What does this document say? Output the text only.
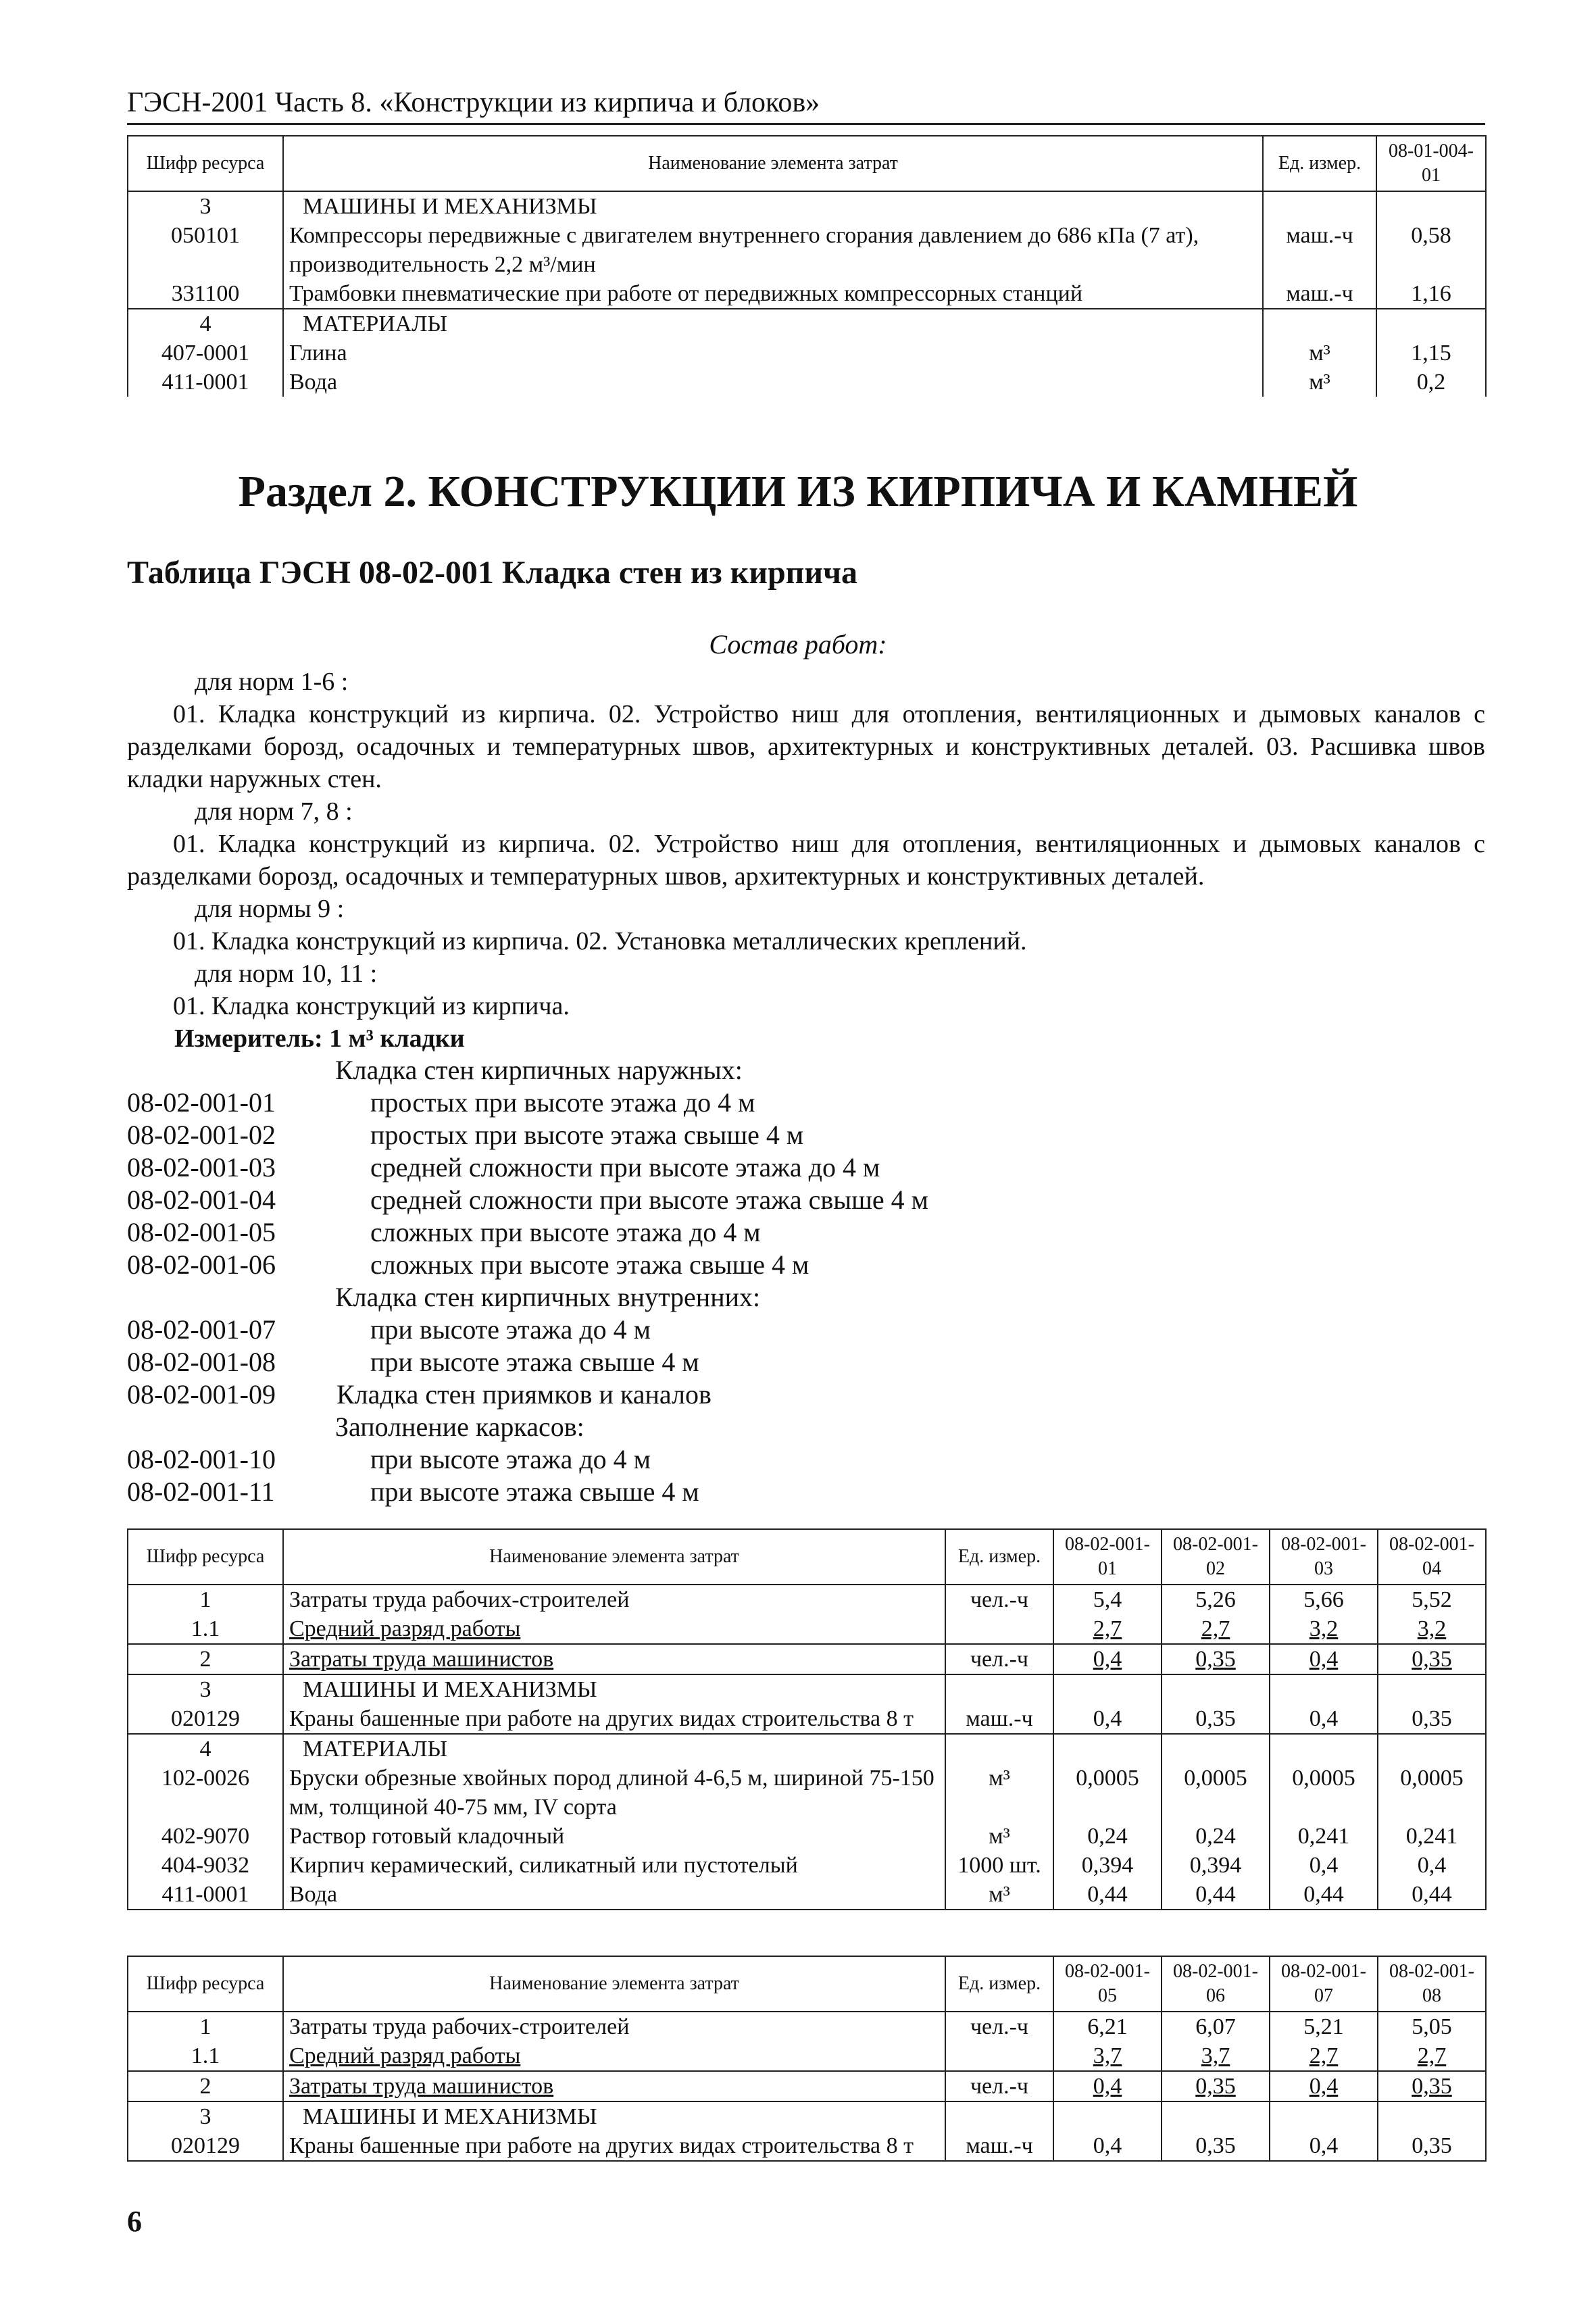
ГЭСН-2001 Часть 8. «Конструкции из кирпича и блоков»
Шифр ресурса	Наименование элемента затрат	Ед. измер.	08-01-004-01
3	МАШИНЫ И МЕХАНИЗМЫ		
050101	Компрессоры передвижные с двигателем внутреннего сгорания давлением до 686 кПа (7 ат), производительность 2,2 м³/мин	маш.-ч	0,58
331100	Трамбовки пневматические при работе от передвижных компрессорных станций	маш.-ч	1,16
4	МАТЕРИАЛЫ		
407-0001	Глина	м³	1,15
411-0001	Вода	м³	0,2
Раздел 2. КОНСТРУКЦИИ ИЗ КИРПИЧА И КАМНЕЙ
Таблица ГЭСН 08-02-001 Кладка стен из кирпича
Состав работ:

для норм 1-6 :

01. Кладка конструкций из кирпича. 02. Устройство ниш для отопления, вентиляционных и дымовых каналов с разделками борозд, осадочных и температурных швов, архитектурных и конструктивных деталей. 03. Расшивка швов кладки наружных стен.

для норм 7, 8 :

01. Кладка конструкций из кирпича. 02. Устройство ниш для отопления, вентиляционных и дымовых каналов с разделками борозд, осадочных и температурных швов, архитектурных и конструктивных деталей.

для нормы 9 :

01. Кладка конструкций из кирпича. 02. Установка металлических креплений.

для норм 10, 11 :

01. Кладка конструкций из кирпича.

Измеритель: 1 м³ кладки

Кладка стен кирпичных наружных:
08-02-001-01	простых при высоте этажа до 4 м
08-02-001-02	простых при высоте этажа свыше 4 м
08-02-001-03	средней сложности при высоте этажа до 4 м
08-02-001-04	средней сложности при высоте этажа свыше 4 м
08-02-001-05	сложных при высоте этажа до 4 м
08-02-001-06	сложных при высоте этажа свыше 4 м
Кладка стен кирпичных внутренних:
08-02-001-07	при высоте этажа до 4 м
08-02-001-08	при высоте этажа свыше 4 м
08-02-001-09	Кладка стен приямков и каналов
Заполнение каркасов:
08-02-001-10	при высоте этажа до 4 м
08-02-001-11	при высоте этажа свыше 4 м
Шифр ресурса	Наименование элемента затрат	Ед. измер.	08-02-001-01	08-02-001-02	08-02-001-03	08-02-001-04
1	Затраты труда рабочих-строителей	чел.-ч	5,4	5,26	5,66	5,52
1.1	Средний разряд работы		2,7	2,7	3,2	3,2
2	Затраты труда машинистов	чел.-ч	0,4	0,35	0,4	0,35
3	МАШИНЫ И МЕХАНИЗМЫ					
020129	Краны башенные при работе на других видах строительства 8 т	маш.-ч	0,4	0,35	0,4	0,35
4	МАТЕРИАЛЫ					
102-0026	Бруски обрезные хвойных пород длиной 4-6,5 м, шириной 75-150 мм, толщиной 40-75 мм, IV сорта	м³	0,0005	0,0005	0,0005	0,0005
402-9070	Раствор готовый кладочный	м³	0,24	0,24	0,241	0,241
404-9032	Кирпич керамический, силикатный или пустотелый	1000 шт.	0,394	0,394	0,4	0,4
411-0001	Вода	м³	0,44	0,44	0,44	0,44
Шифр ресурса	Наименование элемента затрат	Ед. измер.	08-02-001-05	08-02-001-06	08-02-001-07	08-02-001-08
1	Затраты труда рабочих-строителей	чел.-ч	6,21	6,07	5,21	5,05
1.1	Средний разряд работы		3,7	3,7	2,7	2,7
2	Затраты труда машинистов	чел.-ч	0,4	0,35	0,4	0,35
3	МАШИНЫ И МЕХАНИЗМЫ					
020129	Краны башенные при работе на других видах строительства 8 т	маш.-ч	0,4	0,35	0,4	0,35
6
